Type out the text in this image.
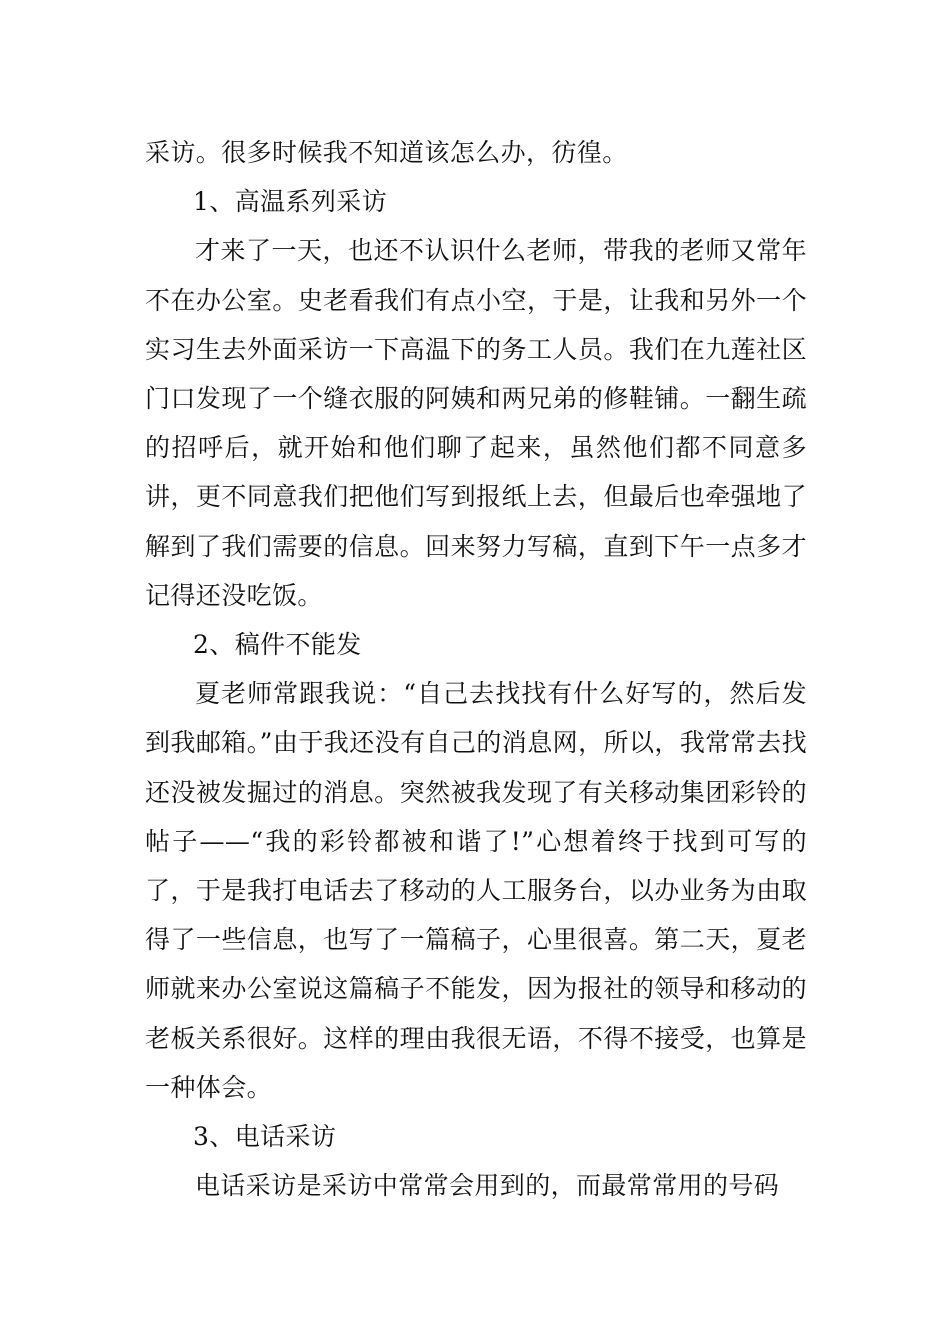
采访。很多时候我不知道该怎么办，彷徨。

1、高温系列采访

才来了一天，也还不认识什么老师，带我的老师又常年不在办公室。史老看我们有点小空，于是，让我和另外一个实习生去外面采访一下高温下的务工人员。我们在九莲社区门口发现了一个缝衣服的阿姨和两兄弟的修鞋铺。一翻生疏的招呼后，就开始和他们聊了起来，虽然他们都不同意多讲，更不同意我们把他们写到报纸上去，但最后也牵强地了解到了我们需要的信息。回来努力写稿，直到下午一点多才记得还没吃饭。

2、稿件不能发

夏老师常跟我说：“自己去找找有什么好写的，然后发到我邮箱。”由于我还没有自己的消息网，所以，我常常去找还没被发掘过的消息。突然被我发现了有关移动集团彩铃的帖子——“我的彩铃都被和谐了!”心想着终于找到可写的了，于是我打电话去了移动的人工服务台，以办业务为由取得了一些信息，也写了一篇稿子，心里很喜。第二天，夏老师就来办公室说这篇稿子不能发，因为报社的领导和移动的老板关系很好。这样的理由我很无语，不得不接受，也算是一种体会。

3、电话采访

电话采访是采访中常常会用到的，而最常常用的号码
